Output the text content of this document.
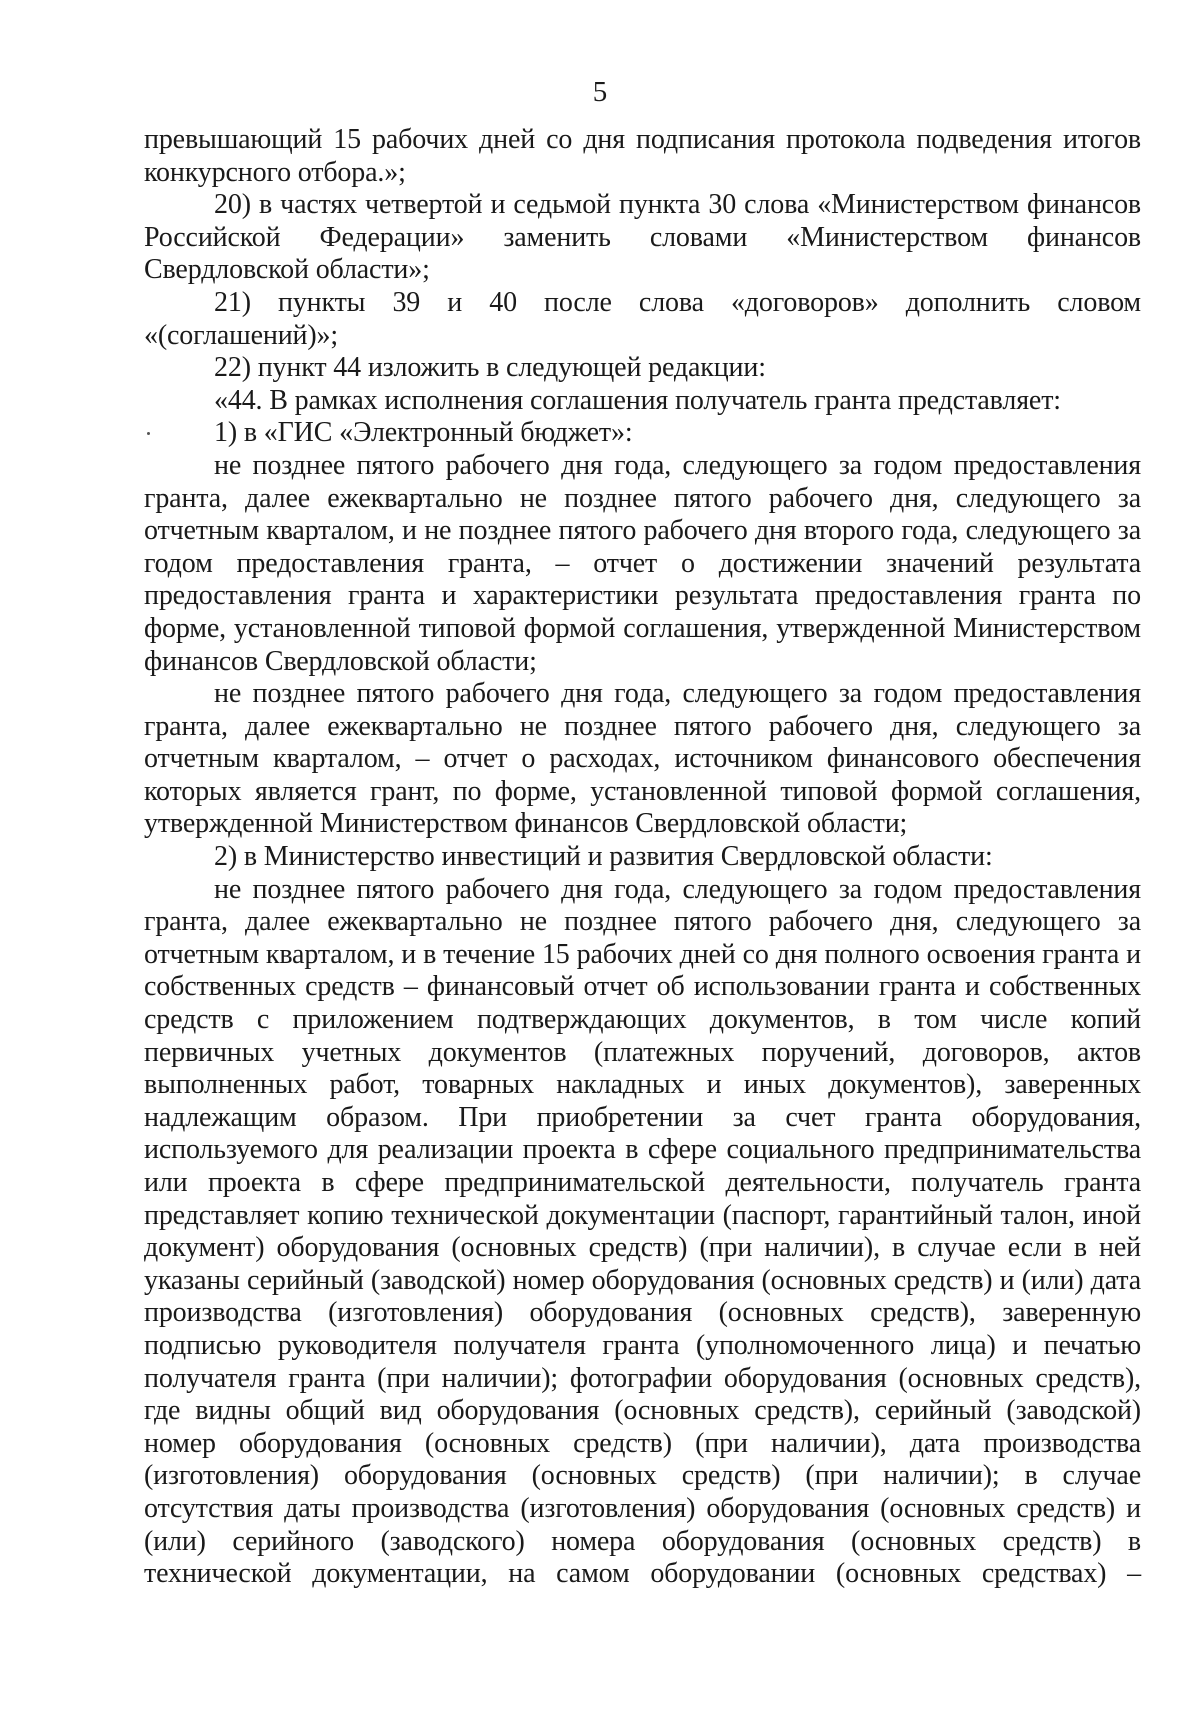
5

превышающий 15 рабочих дней со дня подписания протокола подведения итогов конкурсного отбора.»;

20) в частях четвертой и седьмой пункта 30 слова «Министерством финансов Российской Федерации» заменить словами «Министерством финансов Свердловской области»;

21) пункты 39 и 40 после слова «договоров» дополнить словом «(соглашений)»;

22) пункт 44 изложить в следующей редакции:

«44. В рамках исполнения соглашения получатель гранта представляет:

1) в «ГИС «Электронный бюджет»:

не позднее пятого рабочего дня года, следующего за годом предоставления гранта, далее ежеквартально не позднее пятого рабочего дня, следующего за отчетным кварталом, и не позднее пятого рабочего дня второго года, следующего за годом предоставления гранта, – отчет о достижении значений результата предоставления гранта и характеристики результата предоставления гранта по форме, установленной типовой формой соглашения, утвержденной Министерством финансов Свердловской области;

не позднее пятого рабочего дня года, следующего за годом предоставления гранта, далее ежеквартально не позднее пятого рабочего дня, следующего за отчетным кварталом, – отчет о расходах, источником финансового обеспечения которых является грант, по форме, установленной типовой формой соглашения, утвержденной Министерством финансов Свердловской области;

2) в Министерство инвестиций и развития Свердловской области:

не позднее пятого рабочего дня года, следующего за годом предоставления гранта, далее ежеквартально не позднее пятого рабочего дня, следующего за отчетным кварталом, и в течение 15 рабочих дней со дня полного освоения гранта и собственных средств – финансовый отчет об использовании гранта и собственных средств с приложением подтверждающих документов, в том числе копий первичных учетных документов (платежных поручений, договоров, актов выполненных работ, товарных накладных и иных документов), заверенных надлежащим образом. При приобретении за счет гранта оборудования, используемого для реализации проекта в сфере социального предпринимательства или проекта в сфере предпринимательской деятельности, получатель гранта представляет копию технической документации (паспорт, гарантийный талон, иной документ) оборудования (основных средств) (при наличии), в случае если в ней указаны серийный (заводской) номер оборудования (основных средств) и (или) дата производства (изготовления) оборудования (основных средств), заверенную подписью руководителя получателя гранта (уполномоченного лица) и печатью получателя гранта (при наличии); фотографии оборудования (основных средств), где видны общий вид оборудования (основных средств), серийный (заводской) номер оборудования (основных средств) (при наличии), дата производства (изготовления) оборудования (основных средств) (при наличии); в случае отсутствия даты производства (изготовления) оборудования (основных средств) и (или) серийного (заводского) номера оборудования (основных средств) в технической документации, на самом оборудовании (основных средствах) –
